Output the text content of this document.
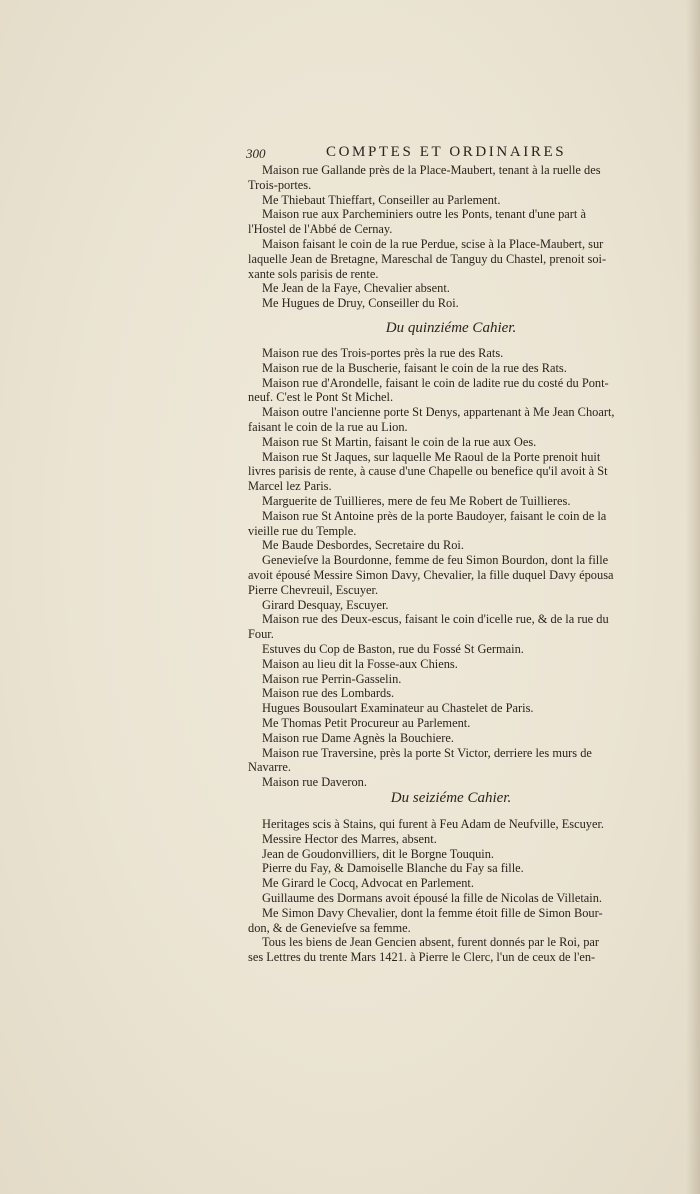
300	COMPTES ET ORDINAIRES
Maison rue Gallande près de la Place-Maubert, tenant à la ruelle des
Trois-portes.
Me Thiebaut Thieffart, Conseiller au Parlement.
Maison rue aux Parcheminiers outre les Ponts, tenant d'une part à
l'Hostel de l'Abbé de Cernay.
Maison faisant le coin de la rue Perdue, scise à la Place-Maubert, sur
laquelle Jean de Bretagne, Mareschal de Tanguy du Chastel, prenoit soi-
xante sols parisis de rente.
Me Jean de la Faye, Chevalier absent.
Me Hugues de Druy, Conseiller du Roi.
Du quinziéme Cahier.
Maison rue des Trois-portes près la rue des Rats.
Maison rue de la Buscherie, faisant le coin de la rue des Rats.
Maison rue d'Arondelle, faisant le coin de ladite rue du costé du Pont-
neuf. C'est le Pont St Michel.
Maison outre l'ancienne porte St Denys, appartenant à Me Jean Choart,
faisant le coin de la rue au Lion.
Maison rue St Martin, faisant le coin de la rue aux Oes.
Maison rue St Jaques, sur laquelle Me Raoul de la Porte prenoit huit
livres parisis de rente, à cause d'une Chapelle ou benefice qu'il avoit à St
Marcel lez Paris.
Marguerite de Tuillieres, mere de feu Me Robert de Tuillieres.
Maison rue St Antoine près de la porte Baudoyer, faisant le coin de la
vieille rue du Temple.
Me Baude Desbordes, Secretaire du Roi.
Genevieſve la Bourdonne, femme de feu Simon Bourdon, dont la fille
avoit épousé Messire Simon Davy, Chevalier, la fille duquel Davy épousa
Pierre Chevreuil, Escuyer.
Girard Desquay, Escuyer.
Maison rue des Deux-escus, faisant le coin d'icelle rue, & de la rue du
Four.
Estuves du Cop de Baston, rue du Fossé St Germain.
Maison au lieu dit la Fosse-aux Chiens.
Maison rue Perrin-Gasselin.
Maison rue des Lombards.
Hugues Bousoulart Examinateur au Chastelet de Paris.
Me Thomas Petit Procureur au Parlement.
Maison rue Dame Agnès la Bouchiere.
Maison rue Traversine, près la porte St Victor, derriere les murs de
Navarre.
Maison rue Daveron.
Du seiziéme Cahier.
Heritages scis à Stains, qui furent à Feu Adam de Neufville, Escuyer.
Messire Hector des Marres, absent.
Jean de Goudonvilliers, dit le Borgne Touquin.
Pierre du Fay, & Damoiselle Blanche du Fay sa fille.
Me Girard le Cocq, Advocat en Parlement.
Guillaume des Dormans avoit épousé la fille de Nicolas de Villetain.
Me Simon Davy Chevalier, dont la femme étoit fille de Simon Bour-
don, & de Genevieſve sa femme.
Tous les biens de Jean Gencien absent, furent donnés par le Roi, par
ses Lettres du trente Mars 1421. à Pierre le Clerc, l'un de ceux de l'en-
